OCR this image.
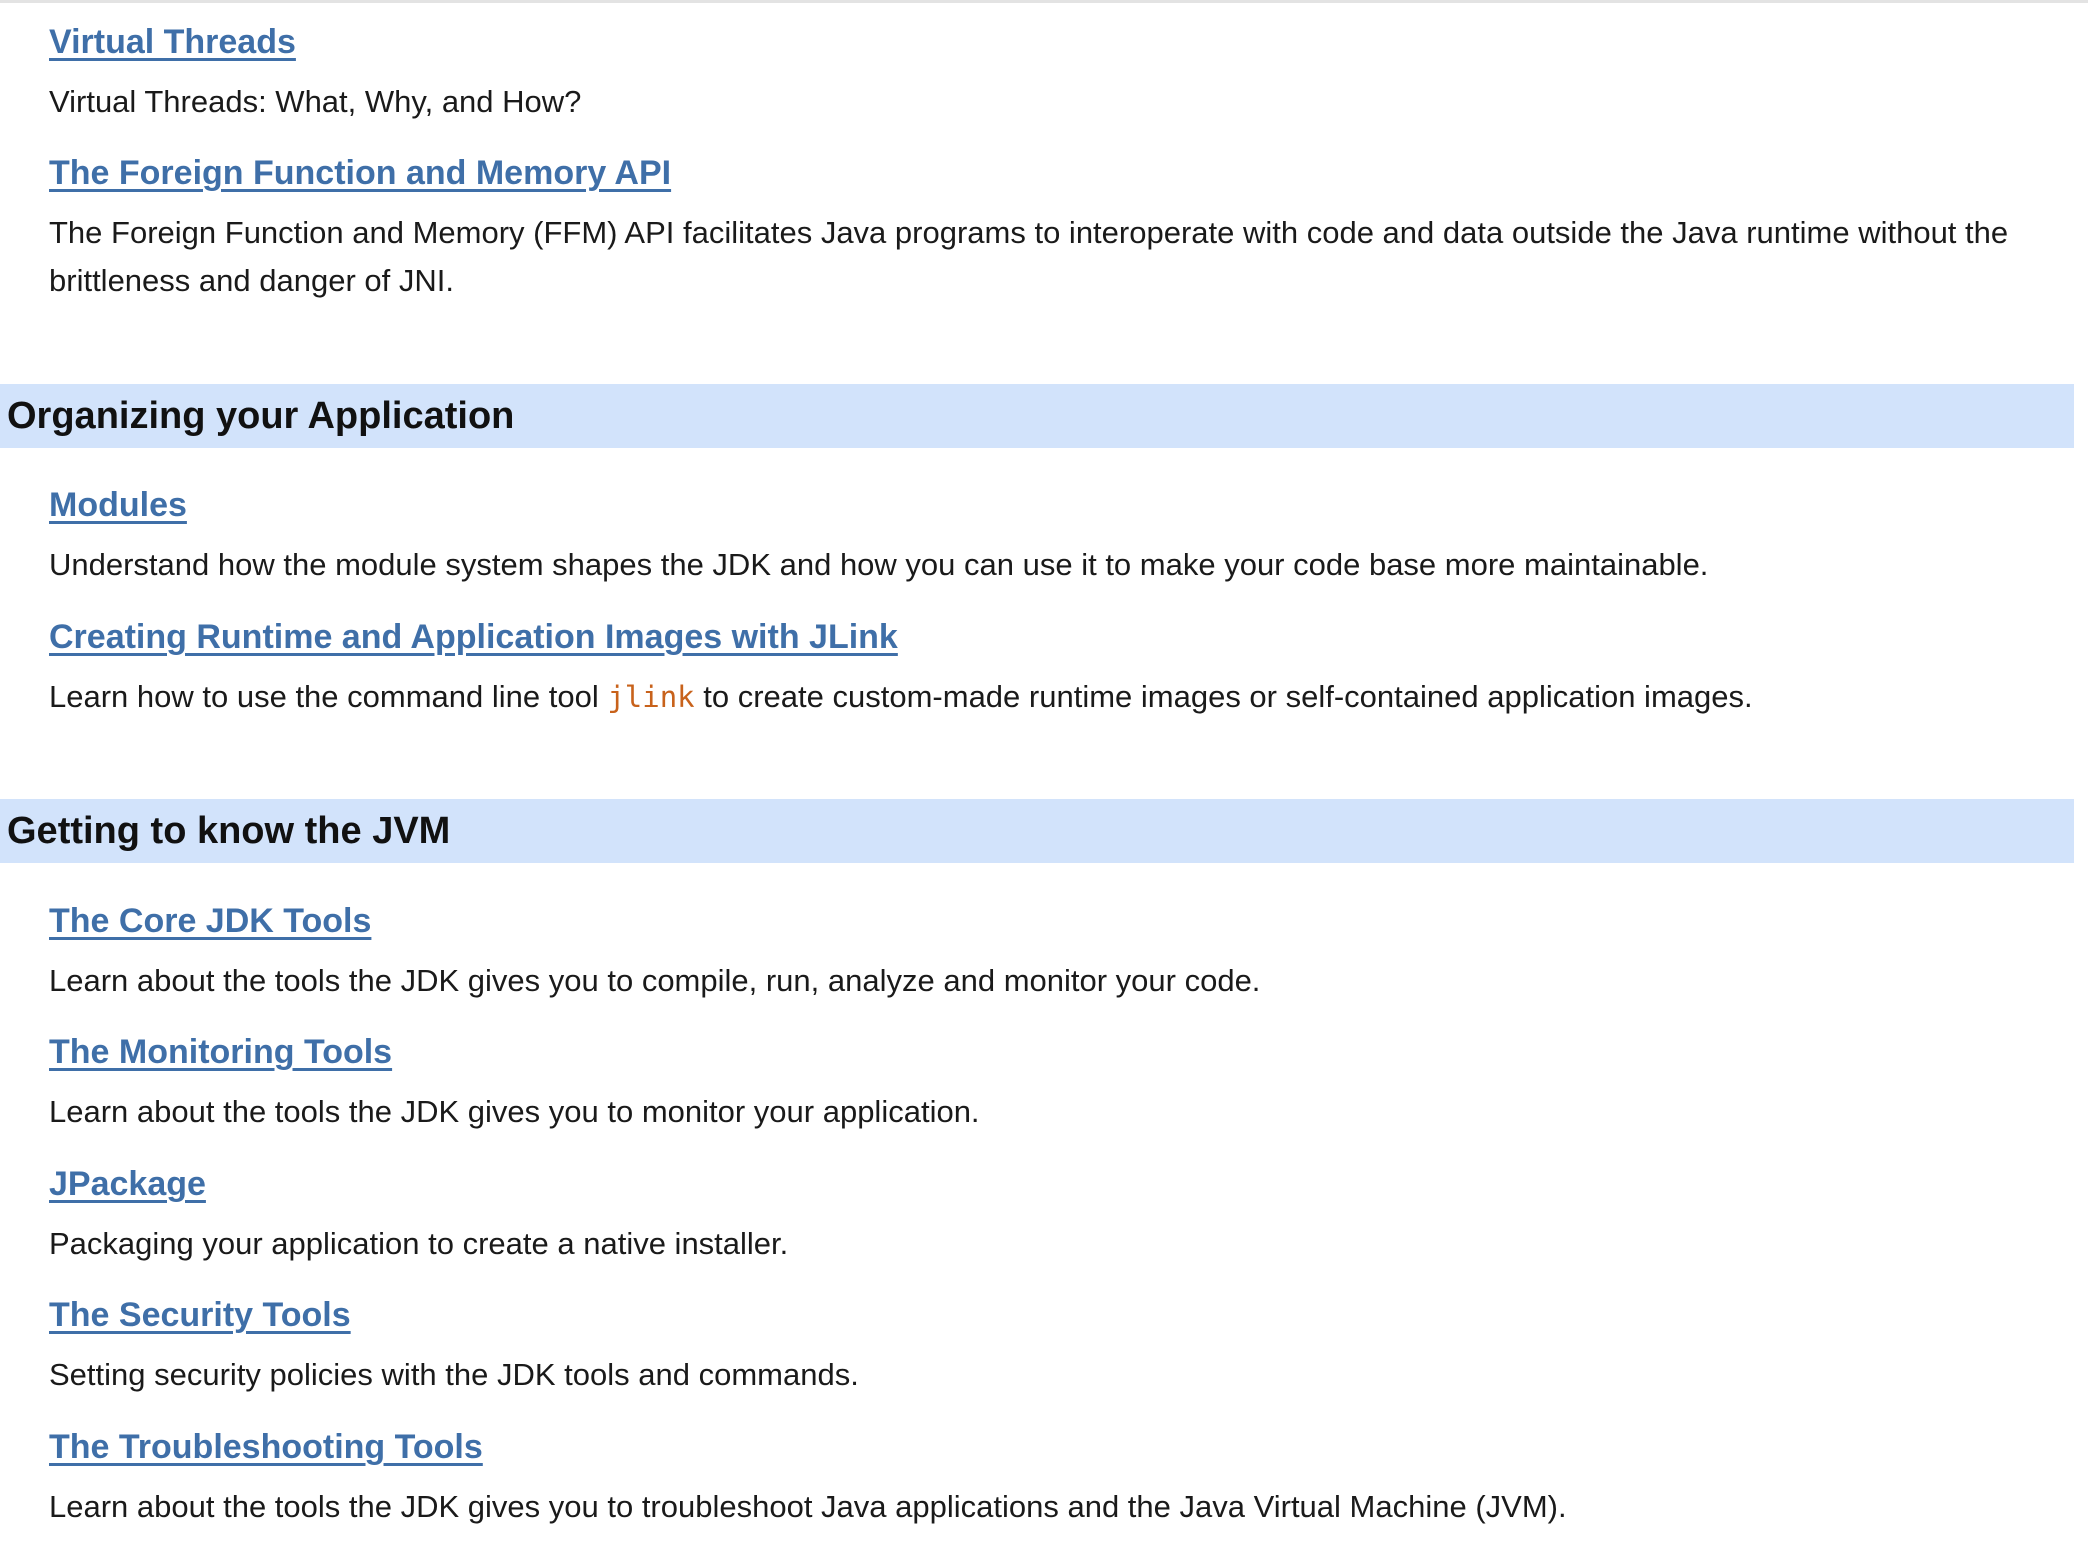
Virtual Threads
Virtual Threads: What, Why, and How?
The Foreign Function and Memory API
The Foreign Function and Memory (FFM) API facilitates Java programs to interoperate with code and data outside the Java runtime without the brittleness and danger of JNI.
Organizing your Application
Modules
Understand how the module system shapes the JDK and how you can use it to make your code base more maintainable.
Creating Runtime and Application Images with JLink
Learn how to use the command line tool jlink to create custom-made runtime images or self-contained application images.
Getting to know the JVM
The Core JDK Tools
Learn about the tools the JDK gives you to compile, run, analyze and monitor your code.
The Monitoring Tools
Learn about the tools the JDK gives you to monitor your application.
JPackage
Packaging your application to create a native installer.
The Security Tools
Setting security policies with the JDK tools and commands.
The Troubleshooting Tools
Learn about the tools the JDK gives you to troubleshoot Java applications and the Java Virtual Machine (JVM).
